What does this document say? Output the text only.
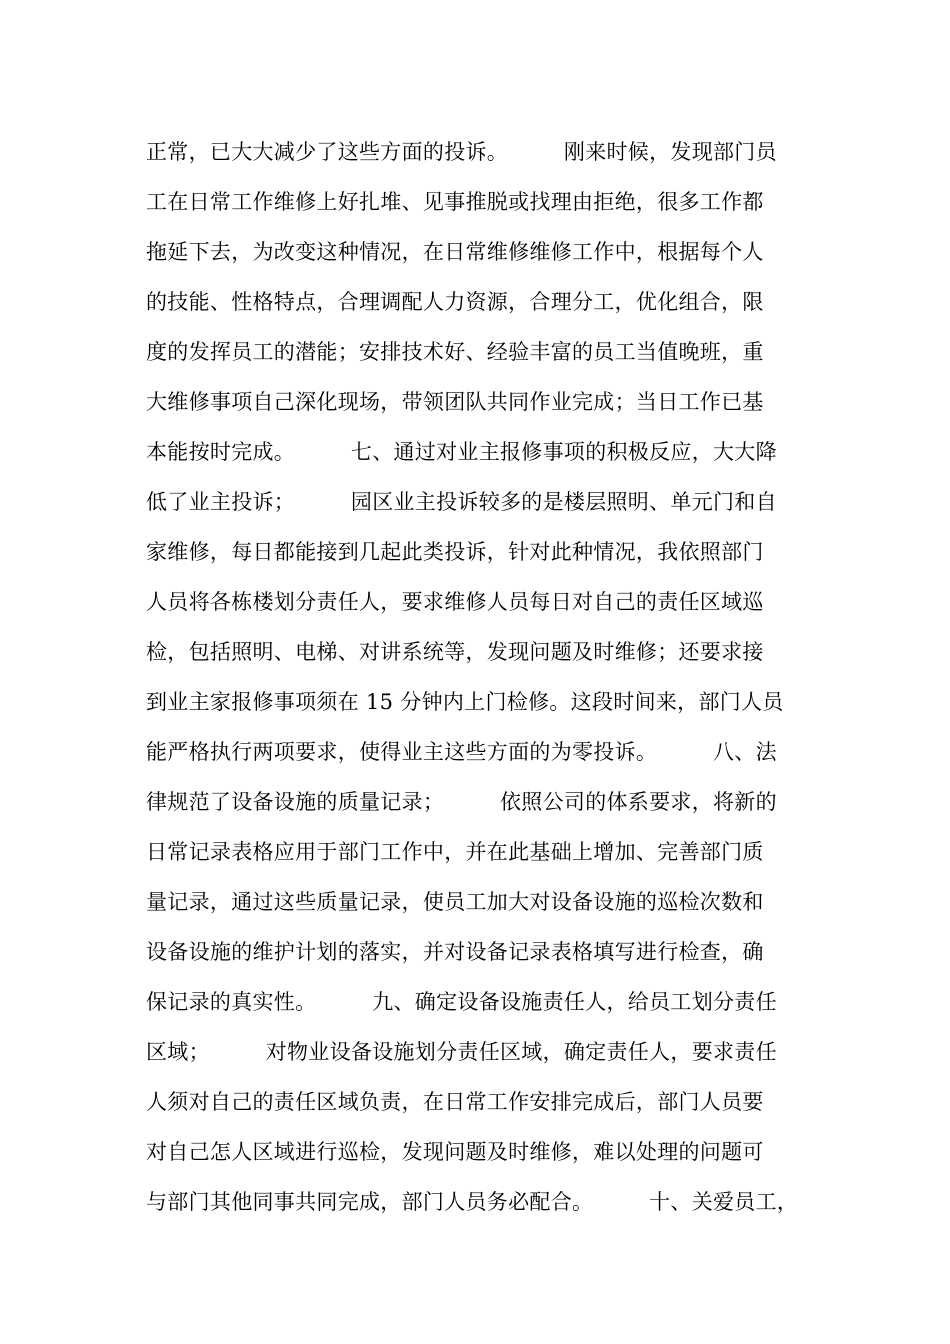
正常，已大大减少了这些方面的投诉。        刚来时候，发现部门员
工在日常工作维修上好扎堆、见事推脱或找理由拒绝，很多工作都
拖延下去，为改变这种情况，在日常维修维修工作中，根据每个人
的技能、性格特点，合理调配人力资源，合理分工，优化组合，限
度的发挥员工的潜能；安排技术好、经验丰富的员工当值晚班，重
大维修事项自己深化现场，带领团队共同作业完成；当日工作已基
本能按时完成。        七、通过对业主报修事项的积极反应，大大降
低了业主投诉；        园区业主投诉较多的是楼层照明、单元门和自
家维修，每日都能接到几起此类投诉，针对此种情况，我依照部门
人员将各栋楼划分责任人，要求维修人员每日对自己的责任区域巡
检，包括照明、电梯、对讲系统等，发现问题及时维修；还要求接
到业主家报修事项须在 15 分钟内上门检修。这段时间来，部门人员
能严格执行两项要求，使得业主这些方面的为零投诉。        八、法
律规范了设备设施的质量记录；        依照公司的体系要求，将新的
日常记录表格应用于部门工作中，并在此基础上增加、完善部门质
量记录，通过这些质量记录，使员工加大对设备设施的巡检次数和
设备设施的维护计划的落实，并对设备记录表格填写进行检查，确
保记录的真实性。        九、确定设备设施责任人，给员工划分责任
区域；        对物业设备设施划分责任区域，确定责任人，要求责任
人须对自己的责任区域负责，在日常工作安排完成后，部门人员要
对自己怎人区域进行巡检，发现问题及时维修，难以处理的问题可
与部门其他同事共同完成，部门人员务必配合。        十、关爱员工，
